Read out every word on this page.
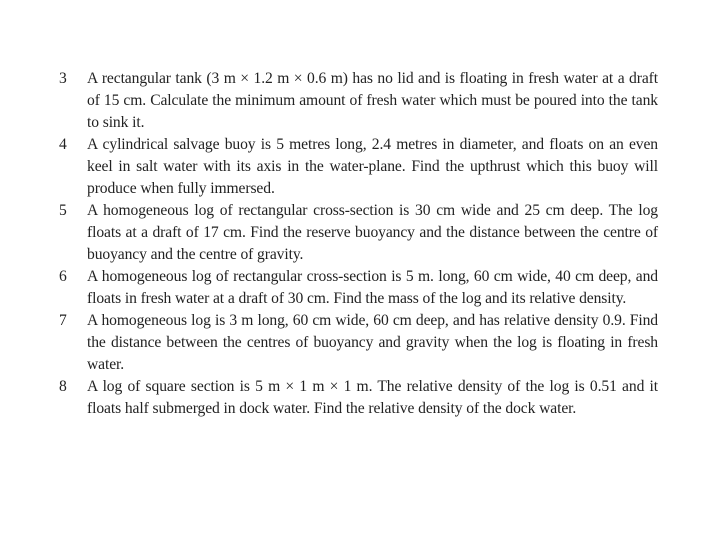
3	A rectangular tank (3 m × 1.2 m × 0.6 m) has no lid and is floating in fresh water at a draft of 15 cm. Calculate the minimum amount of fresh water which must be poured into the tank to sink it.
4	A cylindrical salvage buoy is 5 metres long, 2.4 metres in diameter, and floats on an even keel in salt water with its axis in the water-plane. Find the upthrust which this buoy will produce when fully immersed.
5	A homogeneous log of rectangular cross-section is 30 cm wide and 25 cm deep. The log floats at a draft of 17 cm. Find the reserve buoyancy and the distance between the centre of buoyancy and the centre of gravity.
6	A homogeneous log of rectangular cross-section is 5 m. long, 60 cm wide, 40 cm deep, and floats in fresh water at a draft of 30 cm. Find the mass of the log and its relative density.
7	A homogeneous log is 3 m long, 60 cm wide, 60 cm deep, and has relative density 0.9. Find the distance between the centres of buoyancy and gravity when the log is floating in fresh water.
8	A log of square section is 5 m × 1 m × 1 m. The relative density of the log is 0.51 and it floats half submerged in dock water. Find the relative density of the dock water.
